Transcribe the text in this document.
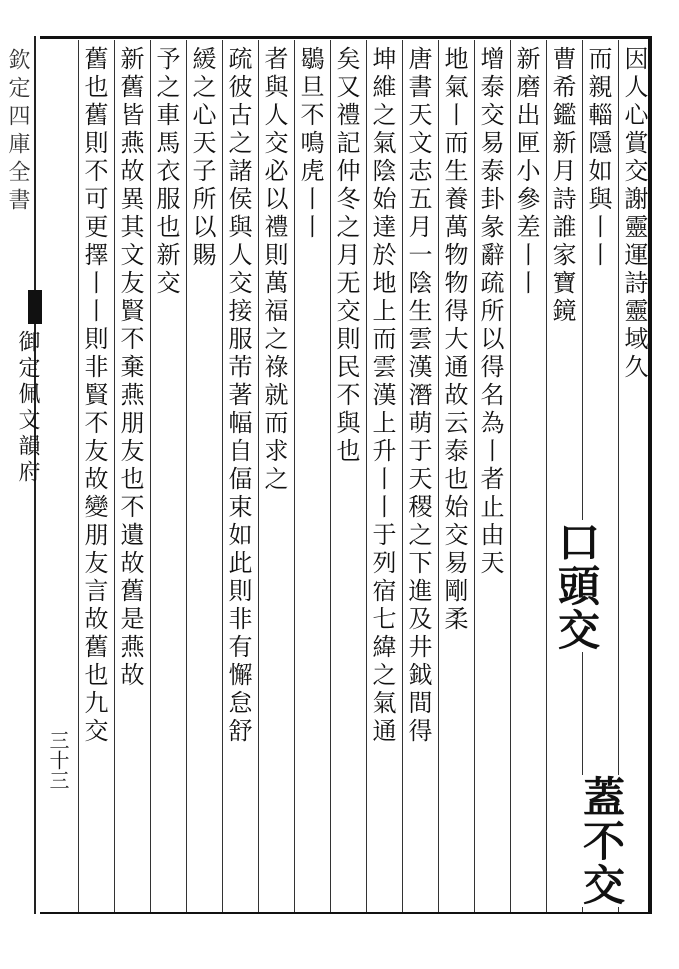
欽定四庫全書
御定佩文韻府
三十三
因人心賞交謝靈運詩靈域久
而親輜隱如與丨丨
曹希鑑新月詩誰家寶鏡
新磨出匣小參差丨丨
增泰交易泰卦彖辭疏所以得名為丨者止由天
地氣丨而生養萬物物得大通故云泰也始交易剛柔
唐書天文志五月一陰生雲漢潛萌于天稷之下進及井鉞間得
坤維之氣陰始達於地上而雲漢上升丨丨于列宿七緯之氣通
矣又禮記仲冬之月无交則民不與也
鶡旦不鳴虎丨丨
者與人交必以禮則萬福之祿就而求之
疏彼古之諸侯與人交接服芾著幅自偪束如此則非有懈怠舒
緩之心天子所以賜
予之車馬衣服也新交
新舊皆燕故異其文友賢不棄燕朋友也不遺故舊是燕故
舊也舊則不可更擇丨丨則非賢不友故變朋友言故舊也九交	口頭交
蓋不交
